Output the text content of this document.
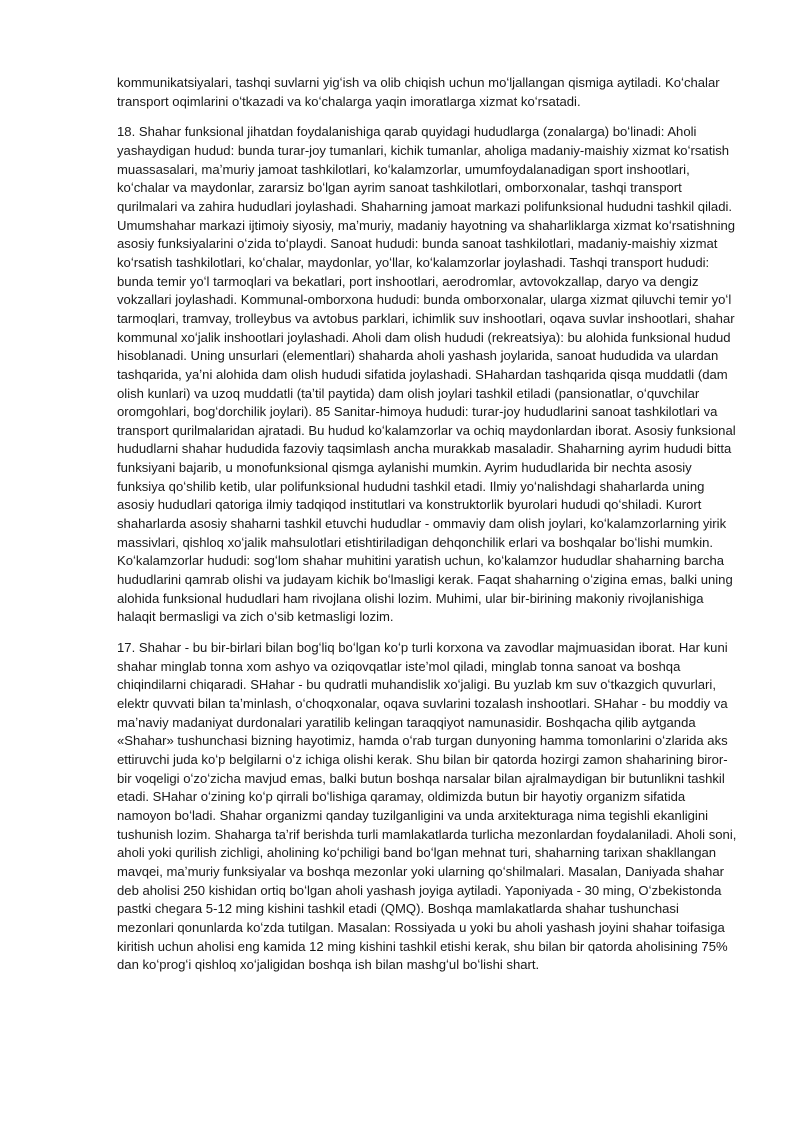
kommunikatsiyalari, tashqi suvlarni yigʻish va olib chiqish uchun moʻljallangan qismiga aytiladi. Koʻchalar transport oqimlarini oʻtkazadi va koʻchalarga yaqin imoratlarga xizmat koʻrsatadi.

18. Shahar funksional jihatdan foydalanishiga qarab quyidagi hududlarga (zonalarga) boʻlinadi: Aholi yashaydigan hudud: bunda turar-joy tumanlari, kichik tumanlar, aholiga madaniy-maishiy xizmat koʻrsatish muassasalari, maʼmuriy jamoat tashkilotlari, koʻkalamzorlar, umumfoydalanadigan sport inshootlari, koʻchalar va maydonlar, zararsiz boʻlgan ayrim sanoat tashkilotlari, omborxonalar, tashqi transport qurilmalari va zahira hududlari joylashadi. Shaharning jamoat markazi polifunksional hududni tashkil qiladi. Umumshahar markazi ijtimoiy siyosiy, maʼmuriy, madaniy hayotning va shaharliklarga xizmat koʻrsatishning asosiy funksiyalarini oʻzida toʻplaydi. Sanoat hududi: bunda sanoat tashkilotlari, madaniy-maishiy xizmat koʻrsatish tashkilotlari, koʻchalar, maydonlar, yoʻllar, koʻkalamzorlar joylashadi. Tashqi transport hududi: bunda temir yoʻl tarmoqlari va bekatlari, port inshootlari, aerodromlar, avtovokzallap, daryo va dengiz vokzallari joylashadi. Kommunal-omborxona hududi: bunda omborxonalar, ularga xizmat qiluvchi temir yoʻl tarmoqlari, tramvay, trolleybus va avtobus parklari, ichimlik suv inshootlari, oqava suvlar inshootlari, shahar kommunal xoʻjalik inshootlari joylashadi. Aholi dam olish hududi (rekreatsiya): bu alohida funksional hudud hisoblanadi. Uning unsurlari (elementlari) shaharda aholi yashash joylarida, sanoat hududida va ulardan tashqarida, yaʼni alohida dam olish hududi sifatida joylashadi. SHahardan tashqarida qisqa muddatli (dam olish kunlari) va uzoq muddatli (taʼtil paytida) dam olish joylari tashkil etiladi (pansionatlar, oʻquvchilar oromgohlari, bogʻdorchilik joylari). 85 Sanitar-himoya hududi: turar-joy hududlarini sanoat tashkilotlari va transport qurilmalaridan ajratadi. Bu hudud koʻkalamzorlar va ochiq maydonlardan iborat. Asosiy funksional hududlarni shahar hududida fazoviy taqsimlash ancha murakkab masaladir. Shaharning ayrim hududi bitta funksiyani bajarib, u monofunksional qismga aylanishi mumkin. Ayrim hududlarida bir nechta asosiy funksiya qoʻshilib ketib, ular polifunksional hududni tashkil etadi. Ilmiy yoʻnalishdagi shaharlarda uning asosiy hududlari qatoriga ilmiy tadqiqod institutlari va konstruktorlik byurolari hududi qoʻshiladi. Kurort shaharlarda asosiy shaharni tashkil etuvchi hududlar - ommaviy dam olish joylari, koʻkalamzorlarning yirik massivlari, qishloq xoʻjalik mahsulotlari etishtiriladigan dehqonchilik erlari va boshqalar boʻlishi mumkin. Koʻkalamzorlar hududi: sogʻlom shahar muhitini yaratish uchun, koʻkalamzor hududlar shaharning barcha hududlarini qamrab olishi va judayam kichik boʻlmasligi kerak. Faqat shaharning oʻzigina emas, balki uning alohida funksional hududlari ham rivojlana olishi lozim. Muhimi, ular bir-birining makoniy rivojlanishiga halaqit bermasligi va zich oʻsib ketmasligi lozim.

17. Shahar - bu bir-birlari bilan bogʻliq boʻlgan koʻp turli korxona va zavodlar majmuasidan iborat. Har kuni shahar minglab tonna xom ashyo va oziqovqatlar isteʼmol qiladi, minglab tonna sanoat va boshqa chiqindilarni chiqaradi. SHahar - bu qudratli muhandislik xoʻjaligi. Bu yuzlab km suv oʻtkazgich quvurlari, elektr quvvati bilan taʼminlash, oʻchoqxonalar, oqava suvlarini tozalash inshootlari. SHahar - bu moddiy va maʼnaviy madaniyat durdonalari yaratilib kelingan taraqqiyot namunasidir. Boshqacha qilib aytganda «Shahar» tushunchasi bizning hayotimiz, hamda oʻrab turgan dunyoning hamma tomonlarini oʻzlarida aks ettiruvchi juda koʻp belgilarni oʻz ichiga olishi kerak. Shu bilan bir qatorda hozirgi zamon shaharining biror-bir voqeligi oʻzoʻzicha mavjud emas, balki butun boshqa narsalar bilan ajralmaydigan bir butunlikni tashkil etadi. SHahar oʻzining koʻp qirrali boʻlishiga qaramay, oldimizda butun bir hayotiy organizm sifatida namoyon boʻladi. Shahar organizmi qanday tuzilganligini va unda arxitekturaga nima tegishli ekanligini tushunish lozim. Shaharga taʼrif berishda turli mamlakatlarda turlicha mezonlardan foydalaniladi. Aholi soni, aholi yoki qurilish zichligi, aholining koʻpchiligi band boʻlgan mehnat turi, shaharning tarixan shakllangan mavqei, maʼmuriy funksiyalar va boshqa mezonlar yoki ularning qoʻshilmalari. Masalan, Daniyada shahar deb aholisi 250 kishidan ortiq boʻlgan aholi yashash joyiga aytiladi. Yaponiyada - 30 ming, Oʻzbekistonda pastki chegara 5-12 ming kishini tashkil etadi (QMQ). Boshqa mamlakatlarda shahar tushunchasi mezonlari qonunlarda koʻzda tutilgan. Masalan: Rossiyada u yoki bu aholi yashash joyini shahar toifasiga kiritish uchun aholisi eng kamida 12 ming kishini tashkil etishi kerak, shu bilan bir qatorda aholisining 75% dan koʻprogʻi qishloq xoʻjaligidan boshqa ish bilan mashgʻul boʻlishi shart.
